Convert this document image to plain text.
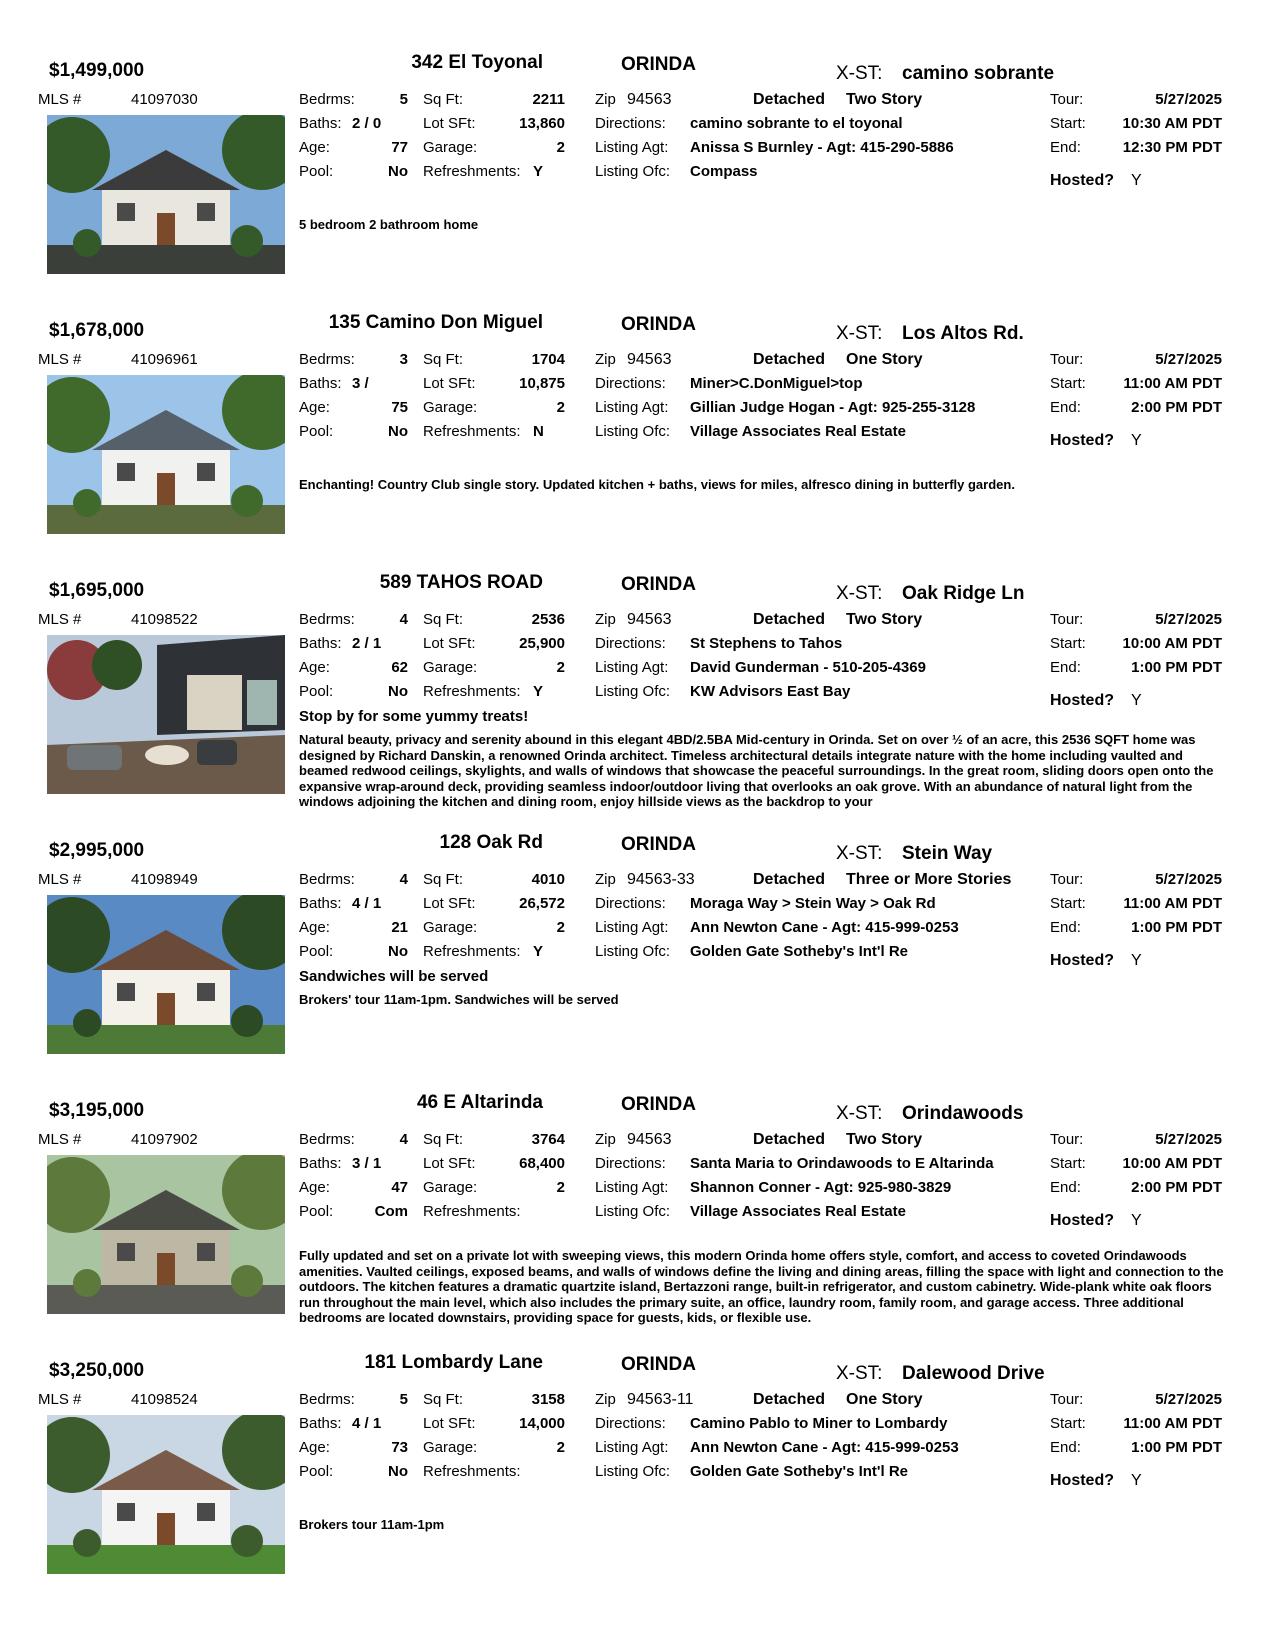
$1,499,000	342 El Toyonal	ORINDA	X-ST: camino sobrante
MLS #	41097030	Bedrms:	5 Sq Ft:	2211
Baths: 2 / 0	Lot SFt:	13,860
Age:	77 Garage:	2
Pool:	No Refreshments: Y
Zip 94563	Detached Two Story
Directions: camino sobrante to el toyonal
Listing Agt: Anissa S Burnley - Agt: 415-290-5886
Listing Ofc: Compass
Tour:	5/27/2025
Start:	10:30 AM PDT
End:	12:30 PM PDT
Hosted? Y
5 bedroom 2 bathroom home
$1,678,000	135 Camino Don Miguel	ORINDA	X-ST: Los Altos Rd.
MLS #	41096961	Bedrms:	3 Sq Ft:	1704
Baths: 3 /	Lot SFt:	10,875
Age:	75 Garage:	2
Pool:	No Refreshments: N
Zip 94563	Detached One Story
Directions: Miner>C.DonMiguel>top
Listing Agt: Gillian Judge Hogan - Agt: 925-255-3128
Listing Ofc: Village Associates Real Estate
Tour:	5/27/2025
Start:	11:00 AM PDT
End:	2:00 PM PDT
Hosted? Y
Enchanting! Country Club single story. Updated kitchen + baths, views for miles, alfresco dining in butterfly garden.
$1,695,000	589 TAHOS ROAD	ORINDA	X-ST: Oak Ridge Ln
MLS #	41098522	Bedrms:	4 Sq Ft:	2536
Baths: 2 / 1	Lot SFt:	25,900
Age:	62 Garage:	2
Pool:	No Refreshments: Y
Zip 94563	Detached Two Story
Directions: St Stephens to Tahos
Listing Agt: David Gunderman - 510-205-4369
Listing Ofc: KW Advisors East Bay
Tour:	5/27/2025
Start:	10:00 AM PDT
End:	1:00 PM PDT
Hosted? Y
Stop by for some yummy treats!
Natural beauty, privacy and serenity abound in this elegant 4BD/2.5BA Mid-century in Orinda. Set on over ½ of an acre, this 2536 SQFT home was designed by Richard Danskin, a renowned Orinda architect. Timeless architectural details integrate nature with the home including vaulted and beamed redwood ceilings, skylights, and walls of windows that showcase the peaceful surroundings. In the great room, sliding doors open onto the expansive wrap-around deck, providing seamless indoor/outdoor living that overlooks an oak grove. With an abundance of natural light from the windows adjoining the kitchen and dining room, enjoy hillside views as the backdrop to your
$2,995,000	128 Oak Rd	ORINDA	X-ST: Stein Way
MLS #	41098949	Bedrms:	4 Sq Ft:	4010
Baths: 4 / 1	Lot SFt:	26,572
Age:	21 Garage:	2
Pool:	No Refreshments: Y
Zip 94563-33	Detached Three or More Stories
Directions: Moraga Way > Stein Way > Oak Rd
Listing Agt: Ann Newton Cane - Agt: 415-999-0253
Listing Ofc: Golden Gate Sotheby's Int'l Re
Tour:	5/27/2025
Start:	11:00 AM PDT
End:	1:00 PM PDT
Hosted? Y
Sandwiches will be served
Brokers' tour 11am-1pm. Sandwiches will be served
$3,195,000	46 E Altarinda	ORINDA	X-ST: Orindawoods
MLS #	41097902	Bedrms:	4 Sq Ft:	3764
Baths: 3 / 1	Lot SFt:	68,400
Age:	47 Garage:	2
Pool:	Com Refreshments:
Zip 94563	Detached Two Story
Directions: Santa Maria to Orindawoods to E Altarinda
Listing Agt: Shannon Conner - Agt: 925-980-3829
Listing Ofc: Village Associates Real Estate
Tour:	5/27/2025
Start:	10:00 AM PDT
End:	2:00 PM PDT
Hosted? Y
Fully updated and set on a private lot with sweeping views, this modern Orinda home offers style, comfort, and access to coveted Orindawoods amenities. Vaulted ceilings, exposed beams, and walls of windows define the living and dining areas, filling the space with light and connection to the outdoors. The kitchen features a dramatic quartzite island, Bertazzoni range, built-in refrigerator, and custom cabinetry. Wide-plank white oak floors run throughout the main level, which also includes the primary suite, an office, laundry room, family room, and garage access. Three additional bedrooms are located downstairs, providing space for guests, kids, or flexible use.
$3,250,000	181 Lombardy Lane	ORINDA	X-ST: Dalewood Drive
MLS #	41098524	Bedrms:	5 Sq Ft:	3158
Baths: 4 / 1	Lot SFt:	14,000
Age:	73 Garage:	2
Pool:	No Refreshments:
Zip 94563-11	Detached One Story
Directions: Camino Pablo to Miner to Lombardy
Listing Agt: Ann Newton Cane - Agt: 415-999-0253
Listing Ofc: Golden Gate Sotheby's Int'l Re
Tour:	5/27/2025
Start:	11:00 AM PDT
End:	1:00 PM PDT
Hosted? Y
Brokers tour 11am-1pm
